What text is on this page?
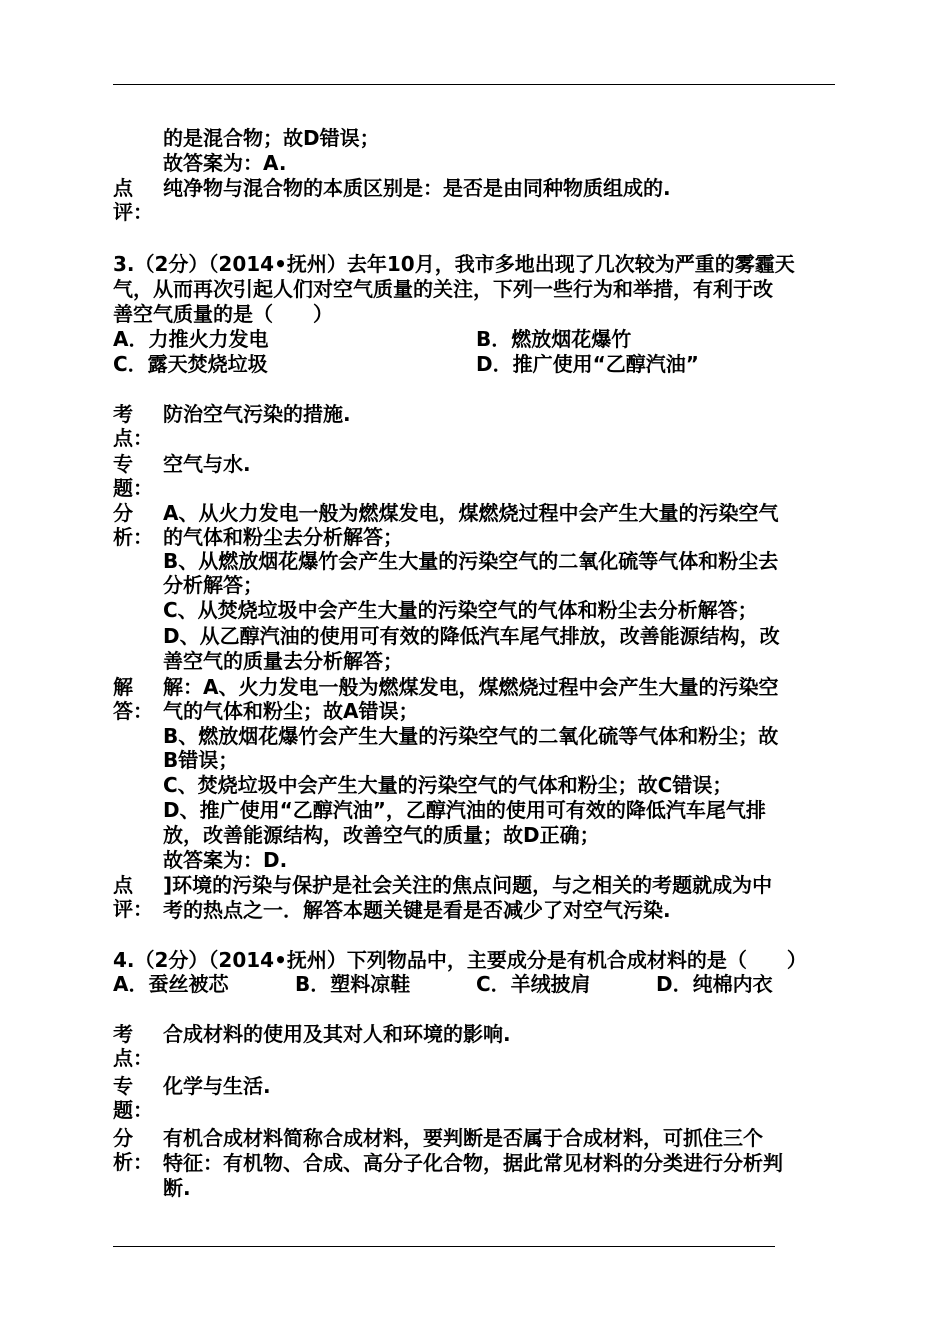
的是混合物；故D错误；
故答案为：A.
点
评：
纯净物与混合物的本质区别是：是否是由同种物质组成的.
3.（2分）（2014•抚州）去年10月，我市多地出现了几次较为严重的雾霾天
气，从而再次引起人们对空气质量的关注，下列一些行为和举措，有利于改
善空气质量的是（　　）
A．力推火力发电	B．燃放烟花爆竹
C．露天焚烧垃圾	D．推广使用“乙醇汽油”
考
点：
防治空气污染的措施.
专
题：
空气与水.
分
析：
A、从火力发电一般为燃煤发电，煤燃烧过程中会产生大量的污染空气
的气体和粉尘去分析解答；
B、从燃放烟花爆竹会产生大量的污染空气的二氧化硫等气体和粉尘去
分析解答；
C、从焚烧垃圾中会产生大量的污染空气的气体和粉尘去分析解答；
D、从乙醇汽油的使用可有效的降低汽车尾气排放，改善能源结构，改
善空气的质量去分析解答；
解
答：
解：A、火力发电一般为燃煤发电，煤燃烧过程中会产生大量的污染空
气的气体和粉尘；故A错误；
B、燃放烟花爆竹会产生大量的污染空气的二氧化硫等气体和粉尘；故
B错误；
C、焚烧垃圾中会产生大量的污染空气的气体和粉尘；故C错误；
D、推广使用“乙醇汽油”，乙醇汽油的使用可有效的降低汽车尾气排
放，改善能源结构，改善空气的质量；故D正确；
故答案为：D.
点
评：
]环境的污染与保护是社会关注的焦点问题，与之相关的考题就成为中
考的热点之一．解答本题关键是看是否减少了对空气污染.
4.（2分）（2014•抚州）下列物品中，主要成分是有机合成材料的是（　　）
A．蚕丝被芯	B．塑料凉鞋	C．羊绒披肩	D．纯棉内衣
考
点：
合成材料的使用及其对人和环境的影响.
专
题：
化学与生活.
分
析：
有机合成材料简称合成材料，要判断是否属于合成材料，可抓住三个
特征：有机物、合成、高分子化合物，据此常见材料的分类进行分析判
断.
